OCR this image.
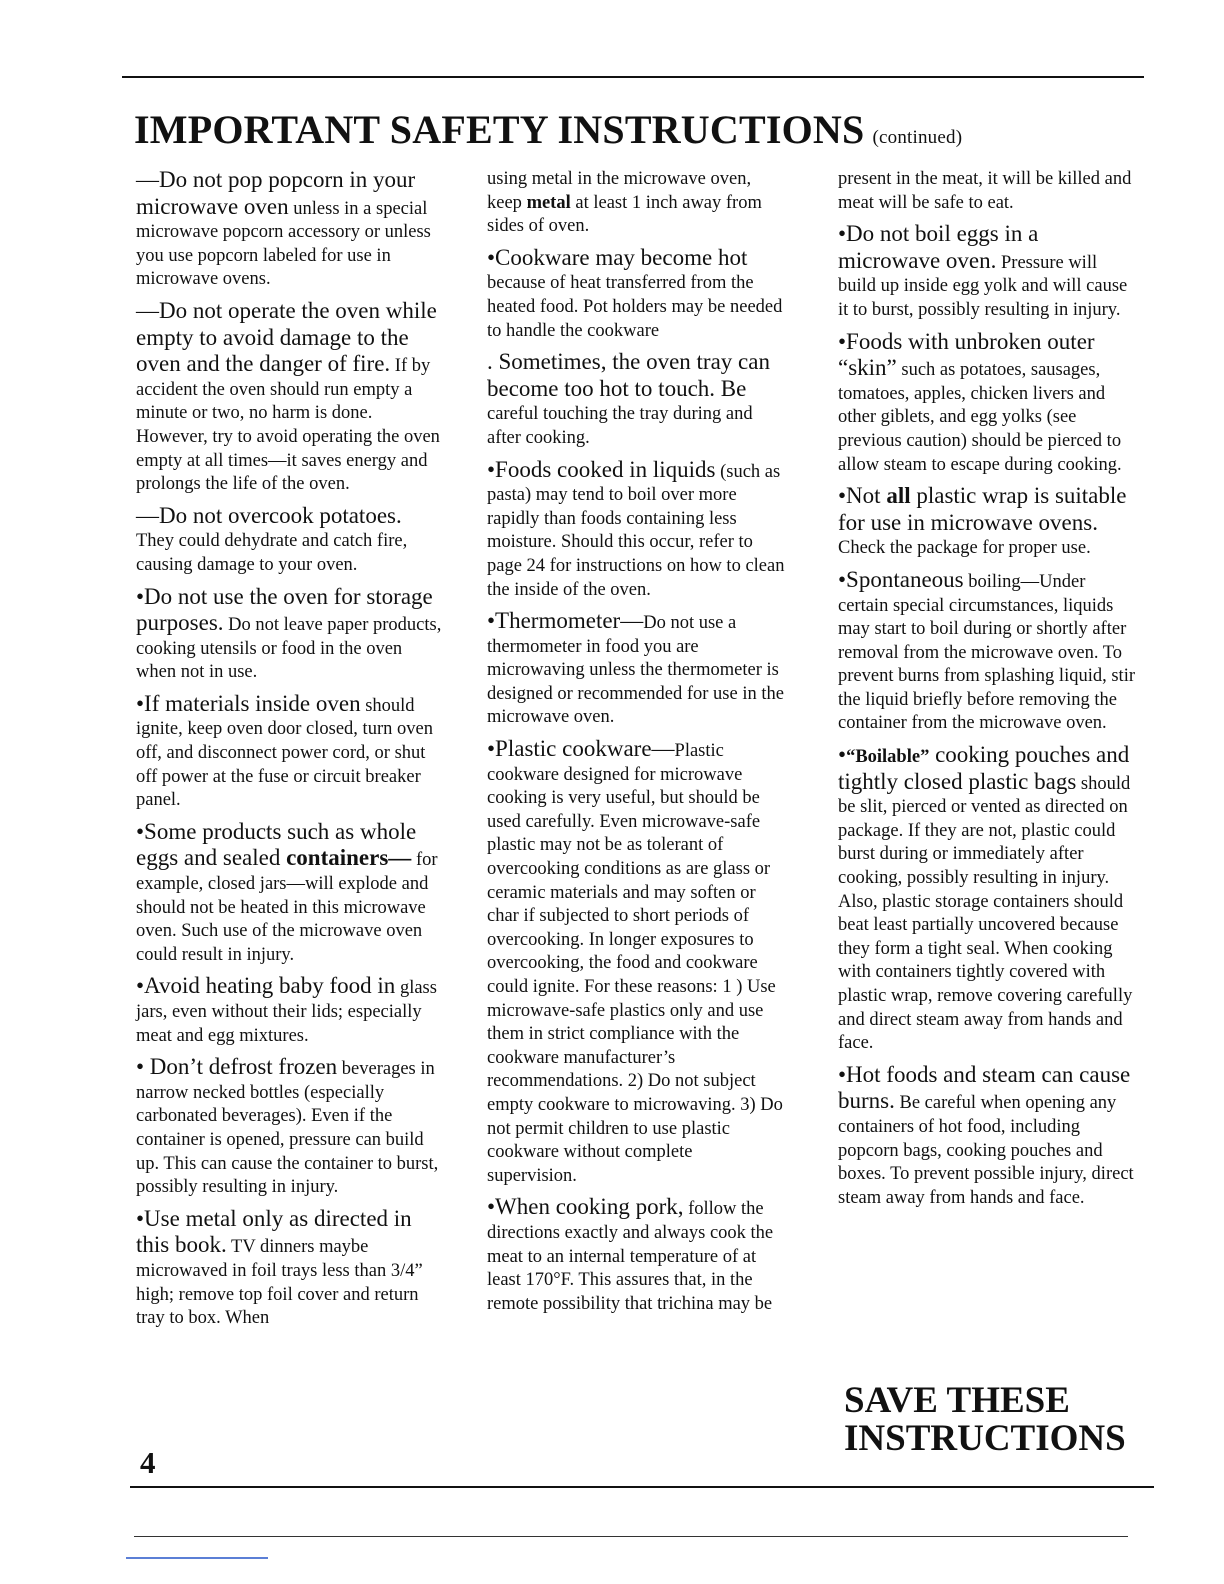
IMPORTANT SAFETY INSTRUCTIONS (continued)

—Do not pop popcorn in your microwave oven unless in a special microwave popcorn accessory or unless you use popcorn labeled for use in microwave ovens.

—Do not operate the oven while empty to avoid damage to the oven and the danger of fire. If by accident the oven should run empty a minute or two, no harm is done. However, try to avoid operating the oven empty at all times—it saves energy and prolongs the life of the oven.

—Do not overcook potatoes. They could dehydrate and catch fire, causing damage to your oven.

•Do not use the oven for storage purposes. Do not leave paper products, cooking utensils or food in the oven when not in use.

•If materials inside oven should ignite, keep oven door closed, turn oven off, and disconnect power cord, or shut off power at the fuse or circuit breaker panel.

•Some products such as whole eggs and sealed containers— for example, closed jars—will explode and should not be heated in this microwave oven. Such use of the microwave oven could result in injury.

•Avoid heating baby food in glass jars, even without their lids; especially meat and egg mixtures.

• Don’t defrost frozen beverages in narrow necked bottles (especially carbonated beverages). Even if the container is opened, pressure can build up. This can cause the container to burst, possibly resulting in injury.

•Use metal only as directed in this book. TV dinners maybe microwaved in foil trays less than 3/4” high; remove top foil cover and return tray to box. When

using metal in the microwave oven, keep metal at least 1 inch away from sides of oven.

•Cookware may become hot because of heat transferred from the heated food. Pot holders may be needed to handle the cookware

. Sometimes, the oven tray can become too hot to touch. Be careful touching the tray during and after cooking.

•Foods cooked in liquids (such as pasta) may tend to boil over more rapidly than foods containing less moisture. Should this occur, refer to page 24 for instructions on how to clean the inside of the oven.

•Thermometer—Do not use a thermometer in food you are microwaving unless the thermometer is designed or recommended for use in the microwave oven.

•Plastic cookware—Plastic cookware designed for microwave cooking is very useful, but should be used carefully. Even microwave-safe plastic may not be as tolerant of overcooking conditions as are glass or ceramic materials and may soften or char if subjected to short periods of overcooking. In longer exposures to overcooking, the food and cookware could ignite. For these reasons: 1 ) Use microwave-safe plastics only and use them in strict compliance with the cookware manufacturer’s recommendations. 2) Do not subject empty cookware to microwaving. 3) Do not permit children to use plastic cookware without complete supervision.

•When cooking pork, follow the directions exactly and always cook the meat to an internal temperature of at least 170°F. This assures that, in the remote possibility that trichina may be

present in the meat, it will be killed and meat will be safe to eat.

•Do not boil eggs in a microwave oven. Pressure will build up inside egg yolk and will cause it to burst, possibly resulting in injury.

•Foods with unbroken outer “skin” such as potatoes, sausages, tomatoes, apples, chicken livers and other giblets, and egg yolks (see previous caution) should be pierced to allow steam to escape during cooking.

•Not all plastic wrap is suitable for use in microwave ovens. Check the package for proper use.

•Spontaneous boiling—Under certain special circumstances, liquids may start to boil during or shortly after removal from the microwave oven. To prevent burns from splashing liquid, stir the liquid briefly before removing the container from the microwave oven.

•“Boilable” cooking pouches and tightly closed plastic bags should be slit, pierced or vented as directed on package. If they are not, plastic could burst during or immediately after cooking, possibly resulting in injury. Also, plastic storage containers should beat least partially uncovered because they form a tight seal. When cooking with containers tightly covered with plastic wrap, remove covering carefully and direct steam away from hands and face.

•Hot foods and steam can cause burns. Be careful when opening any containers of hot food, including popcorn bags, cooking pouches and boxes. To prevent possible injury, direct steam away from hands and face.

SAVE THESE
INSTRUCTIONS
4
